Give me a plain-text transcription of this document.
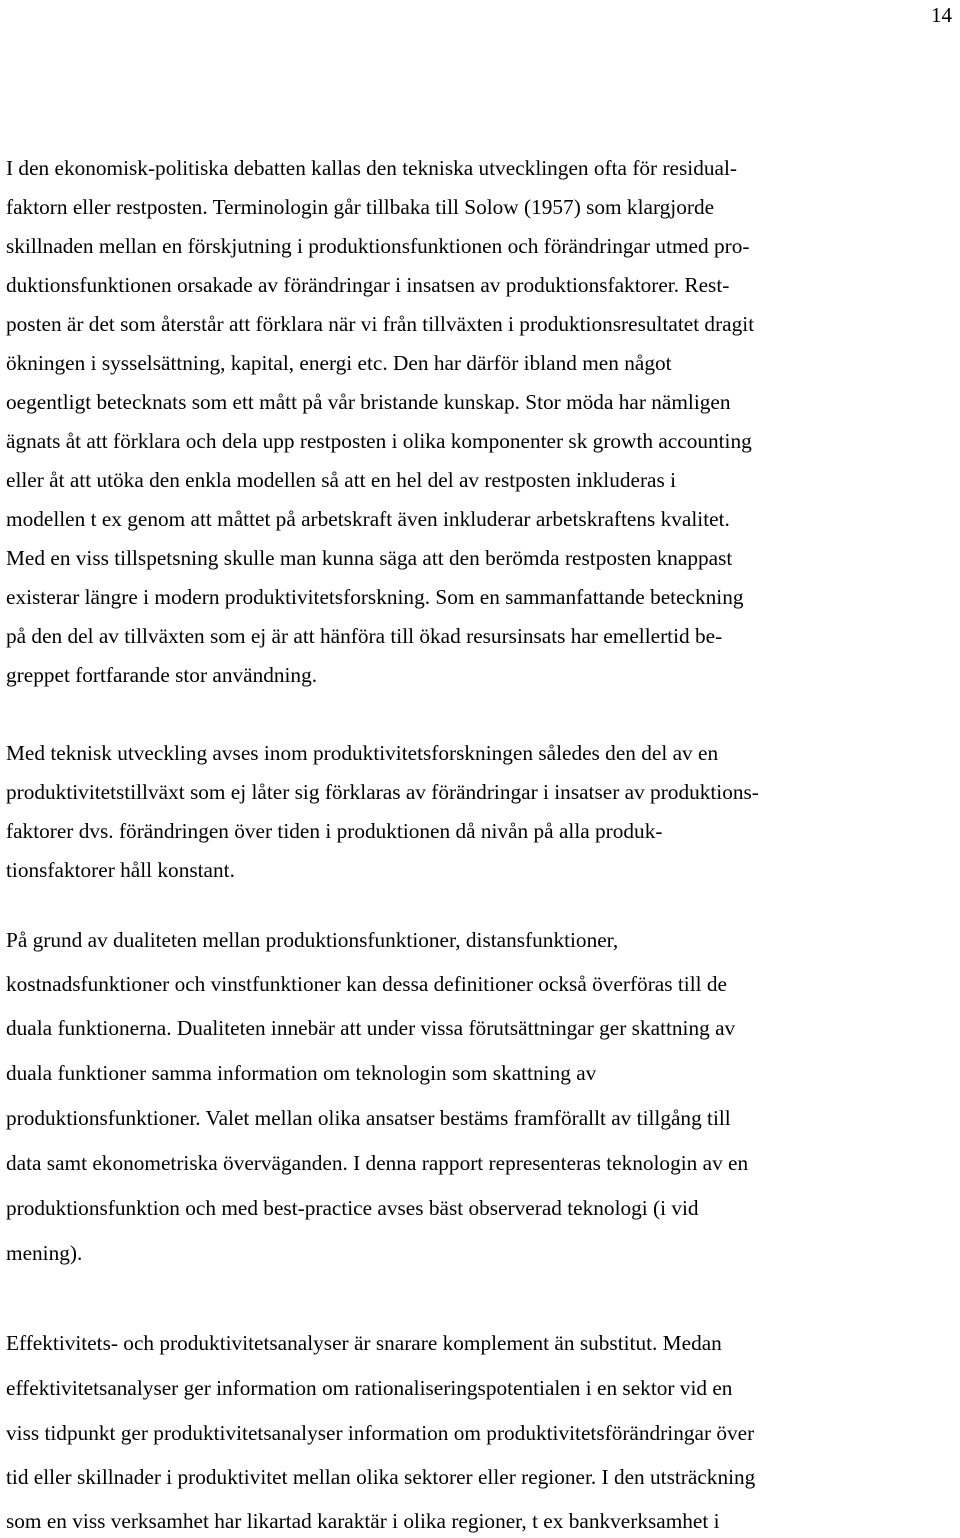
14
I den ekonomisk-politiska debatten kallas den tekniska utvecklingen ofta för residual-
faktorn eller restposten. Terminologin går tillbaka till Solow (1957) som klargjorde
skillnaden mellan en förskjutning i produktionsfunktionen och förändringar utmed pro-
duktionsfunktionen orsakade av förändringar i insatsen av produktionsfaktorer. Rest-
posten är det som återstår att förklara när vi från tillväxten i produktionsresultatet dragit
ökningen i sysselsättning, kapital, energi etc. Den har därför ibland men något
oegentligt betecknats som ett mått på vår bristande kunskap. Stor möda har nämligen
ägnats åt att förklara och dela upp restposten i olika komponenter sk growth accounting
eller åt att utöka den enkla modellen så att en hel del av restposten inkluderas i
modellen t ex genom att måttet på arbetskraft även inkluderar arbetskraftens kvalitet.
Med en viss tillspetsning skulle man kunna säga att den berömda restposten knappast
existerar längre i modern produktivitetsforskning. Som en sammanfattande beteckning
på den del av tillväxten som ej är att hänföra till ökad resursinsats har emellertid be-
greppet fortfarande stor användning.
Med teknisk utveckling avses inom produktivitetsforskningen således den del av en
produktivitetstillväxt som ej låter sig förklaras av förändringar i insatser av produktions-
faktorer dvs. förändringen över tiden i produktionen då nivån på alla produk-
tionsfaktorer håll konstant.
På grund av dualiteten mellan produktionsfunktioner, distansfunktioner,
kostnadsfunktioner och vinstfunktioner kan dessa definitioner också överföras till de
duala funktionerna. Dualiteten innebär att under vissa förutsättningar ger skattning av
duala funktioner samma information om teknologin som skattning av
produktionsfunktioner. Valet mellan olika ansatser bestäms framförallt av tillgång till
data samt ekonometriska överväganden. I denna rapport representeras teknologin av en
produktionsfunktion och med best-practice avses bäst observerad teknologi (i vid
mening).
Effektivitets- och produktivitetsanalyser är snarare komplement än substitut. Medan
effektivitetsanalyser ger information om rationaliseringspotentialen i en sektor vid en
viss tidpunkt ger produktivitetsanalyser information om produktivitetsförändringar över
tid eller skillnader i produktivitet mellan olika sektorer eller regioner. I den utsträckning
som en viss verksamhet har likartad karaktär i olika regioner, t ex bankverksamhet i
